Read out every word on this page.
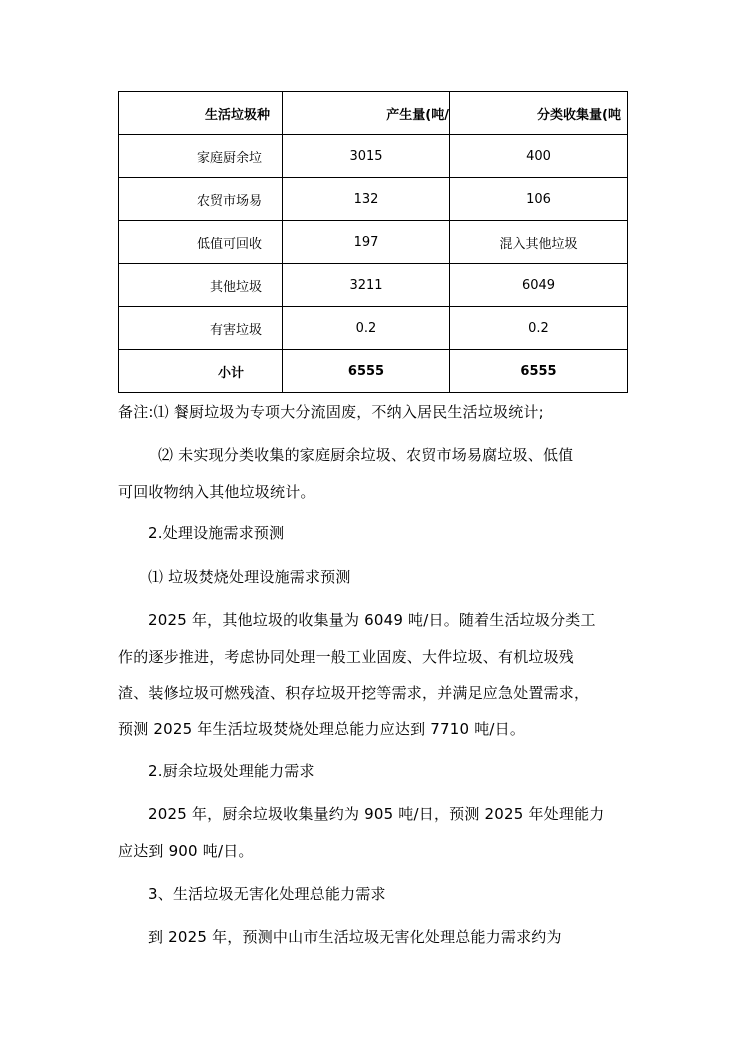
生活垃圾种	产生量(吨/	分类收集量(吨
家庭厨余垃	3015	400
农贸市场易	132	106
低值可回收	197	混入其他垃圾
其他垃圾	3211	6049
有害垃圾	0.2	0.2
小计	6555	6555

备注:⑴ 餐厨垃圾为专项大分流固废，不纳入居民生活垃圾统计;

⑵ 未实现分类收集的家庭厨余垃圾、农贸市场易腐垃圾、低值

可回收物纳入其他垃圾统计。

2.处理设施需求预测

⑴ 垃圾焚烧处理设施需求预测

2025 年，其他垃圾的收集量为 6049 吨/日。随着生活垃圾分类工

作的逐步推进，考虑协同处理一般工业固废、大件垃圾、有机垃圾残

渣、装修垃圾可燃残渣、积存垃圾开挖等需求，并满足应急处置需求，

预测 2025 年生活垃圾焚烧处理总能力应达到 7710 吨/日。

2.厨余垃圾处理能力需求

2025 年，厨余垃圾收集量约为 905 吨/日，预测 2025 年处理能力

应达到 900 吨/日。

3、生活垃圾无害化处理总能力需求

到 2025 年，预测中山市生活垃圾无害化处理总能力需求约为
